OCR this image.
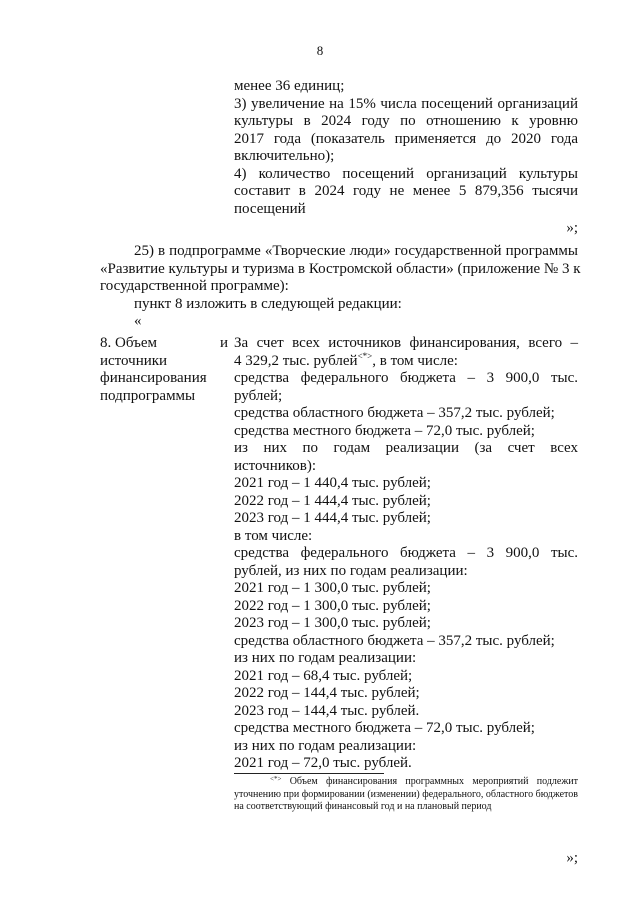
8
менее 36 единиц;
3) увеличение на 15% числа посещений организаций
культуры в 2024 году по отношению к уровню
2017 года (показатель применяется до 2020 года
включительно);
4) количество посещений организаций культуры
составит в 2024 году не менее 5 879,356 тысячи
посещений
»;
25) в подпрограмме «Творческие люди» государственной программы
«Развитие культуры и туризма в Костромской области» (приложение № 3 к
государственной программе):
пункт 8 изложить в следующей редакции:
«
8. Объем
источники
финансирования
подпрограммы
и За счет всех источников финансирования, всего –
4 329,2 тыс. рублей<*>, в том числе:
средства федерального бюджета – 3 900,0 тыс.
рублей;
средства областного бюджета – 357,2 тыс. рублей;
средства местного бюджета – 72,0 тыс. рублей;
из них по годам реализации (за счет всех
источников):
2021 год – 1 440,4 тыс. рублей;
2022 год – 1 444,4 тыс. рублей;
2023 год – 1 444,4 тыс. рублей;
в том числе:
средства федерального бюджета – 3 900,0 тыс.
рублей, из них по годам реализации:
2021 год – 1 300,0 тыс. рублей;
2022 год – 1 300,0 тыс. рублей;
2023 год – 1 300,0 тыс. рублей;
средства областного бюджета – 357,2 тыс. рублей;
из них по годам реализации:
2021 год – 68,4 тыс. рублей;
2022 год – 144,4 тыс. рублей;
2023 год – 144,4 тыс. рублей.
средства местного бюджета – 72,0 тыс. рублей;
из них по годам реализации:
2021 год – 72,0 тыс. рублей.
<*> Объем финансирования программных мероприятий подлежит уточнению при формировании (изменении) федерального, областного бюджетов на соответствующий финансовый год и на плановый период
»;
